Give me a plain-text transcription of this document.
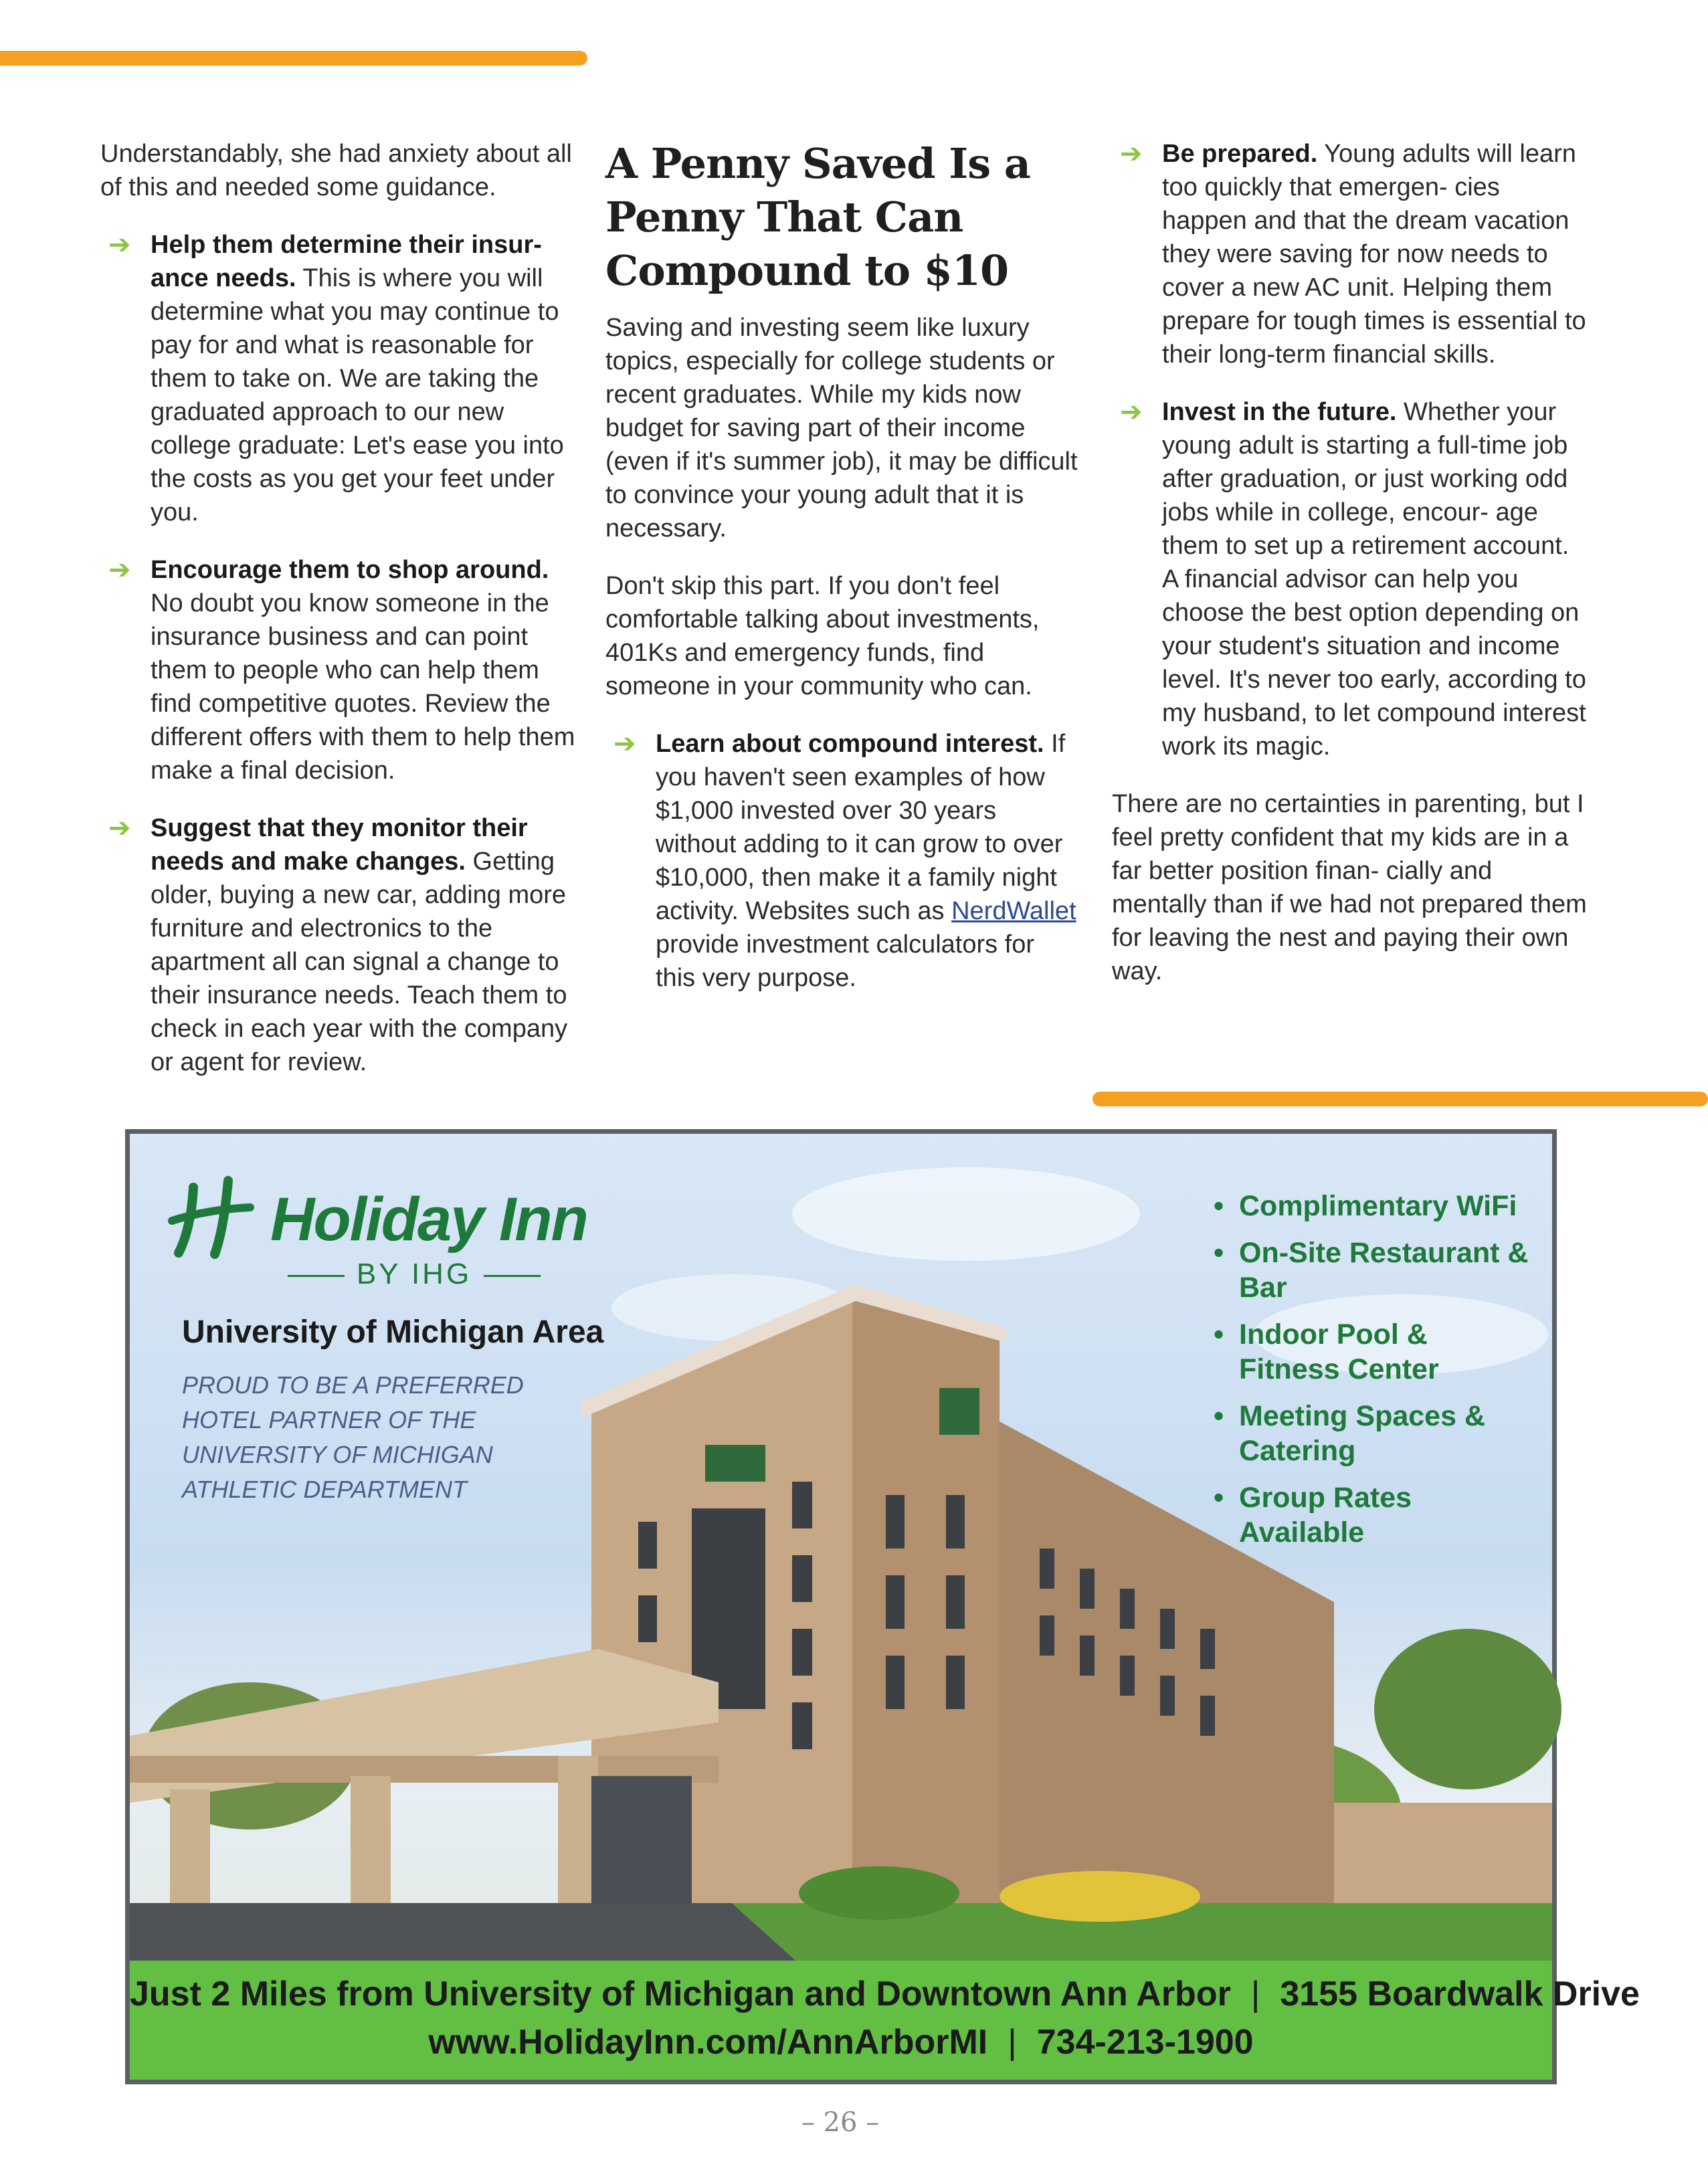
Understandably, she had anxiety about all of this and needed some guidance.

➔ Help them determine their insur- ance needs. This is where you will determine what you may continue to pay for and what is reasonable for them to take on. We are taking the graduated approach to our new college graduate: Let's ease you into the costs as you get your feet under you.
➔ Encourage them to shop around. No doubt you know someone in the insurance business and can point them to people who can help them find competitive quotes. Review the different offers with them to help them make a final decision.
➔ Suggest that they monitor their needs and make changes. Getting older, buying a new car, adding more furniture and electronics to the apartment all can signal a change to their insurance needs. Teach them to check in each year with the company or agent for review.
A Penny Saved Is a Penny That Can Compound to $10

Saving and investing seem like luxury topics, especially for college students or recent graduates. While my kids now budget for saving part of their income (even if it's summer job), it may be difficult to convince your young adult that it is necessary.

Don't skip this part. If you don't feel comfortable talking about investments, 401Ks and emergency funds, find someone in your community who can.

➔ Learn about compound interest. If you haven't seen examples of how $1,000 invested over 30 years without adding to it can grow to over $10,000, then make it a family night activity. Websites such as NerdWallet provide investment calculators for this very purpose.
➔ Be prepared. Young adults will learn too quickly that emergen- cies happen and that the dream vacation they were saving for now needs to cover a new AC unit. Helping them prepare for tough times is essential to their long-term financial skills.
➔ Invest in the future. Whether your young adult is starting a full-time job after graduation, or just working odd jobs while in college, encour- age them to set up a retirement account. A financial advisor can help you choose the best option depending on your student's situation and income level. It's never too early, according to my husband, to let compound interest work its magic.

There are no certainties in parenting, but I feel pretty confident that my kids are in a far better position finan- cially and mentally than if we had not prepared them for leaving the nest and paying their own way.

Holiday Inn
BY IHG
University of Michigan Area
PROUD TO BE A PREFERRED HOTEL PARTNER OF THE UNIVERSITY OF MICHIGAN ATHLETIC DEPARTMENT
• Complimentary WiFi
• On-Site Restaurant & Bar
• Indoor Pool & Fitness Center
• Meeting Spaces & Catering
• Group Rates Available
Just 2 Miles from University of Michigan and Downtown Ann Arbor | 3155 Boardwalk Drive
www.HolidayInn.com/AnnArborMI | 734-213-1900
– 26 –
